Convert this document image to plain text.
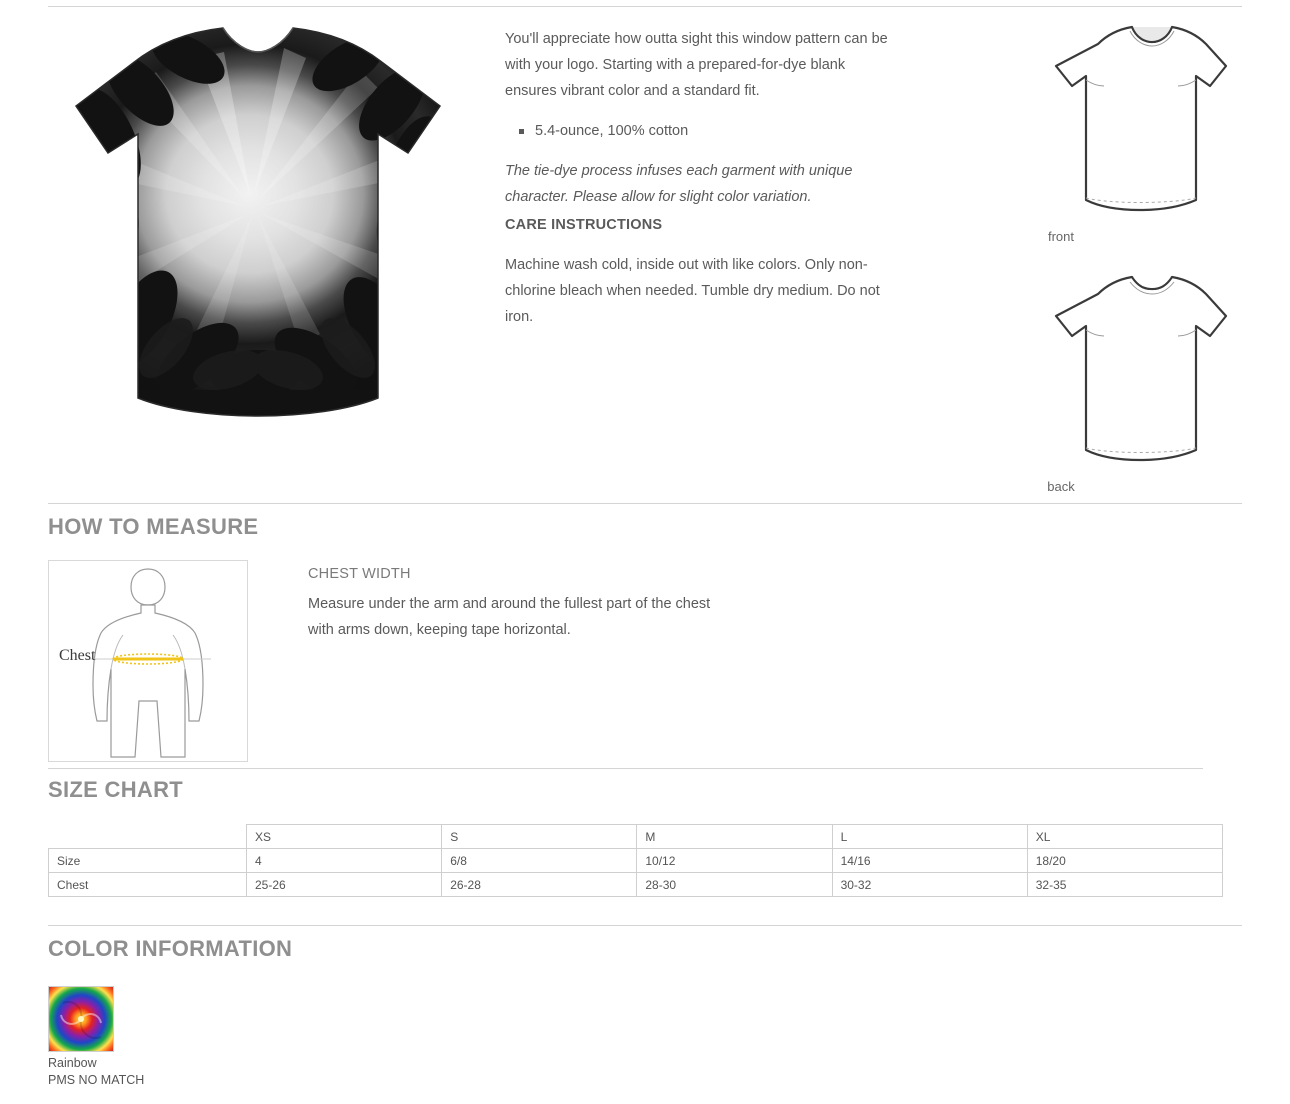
You'll appreciate how outta sight this window pattern can be with your logo. Starting with a prepared-for-dye blank ensures vibrant color and a standard fit.

5.4-ounce, 100% cotton

The tie-dye process infuses each garment with unique character. Please allow for slight color variation.

CARE INSTRUCTIONS

Machine wash cold, inside out with like colors. Only non-chlorine bleach when needed. Tumble dry medium. Do not iron.

front
back
HOW TO MEASURE
Chest

CHEST WIDTH

Measure under the arm and around the fullest part of the chest with arms down, keeping tape horizontal.

SIZE CHART
	XS	S	M	L	XL
Size	4	6/8	10/12	14/16	18/20
Chest	25-26	26-28	28-30	30-32	32-35
COLOR INFORMATION
Rainbow
PMS NO MATCH
